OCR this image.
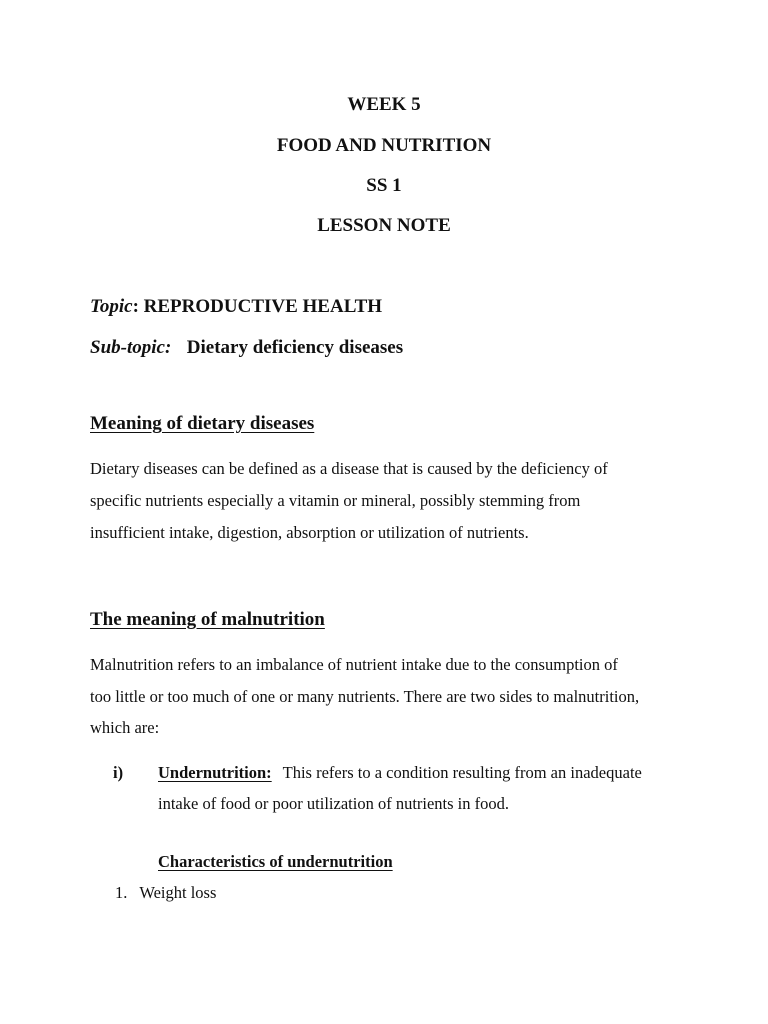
WEEK 5
FOOD AND NUTRITION
SS 1
LESSON NOTE
Topic: REPRODUCTIVE HEALTH
Sub-topic: Dietary deficiency diseases
Meaning of dietary diseases
Dietary diseases can be defined as a disease that is caused by the deficiency of
specific nutrients especially a vitamin or mineral, possibly stemming from
insufficient intake, digestion, absorption or utilization of nutrients.
The meaning of malnutrition
Malnutrition refers to an imbalance of nutrient intake due to the consumption of
too little or too much of one or many nutrients. There are two sides to malnutrition,
which are:
i) Undernutrition: This refers to a condition resulting from an inadequate
intake of food or poor utilization of nutrients in food.
Characteristics of undernutrition
1. Weight loss
